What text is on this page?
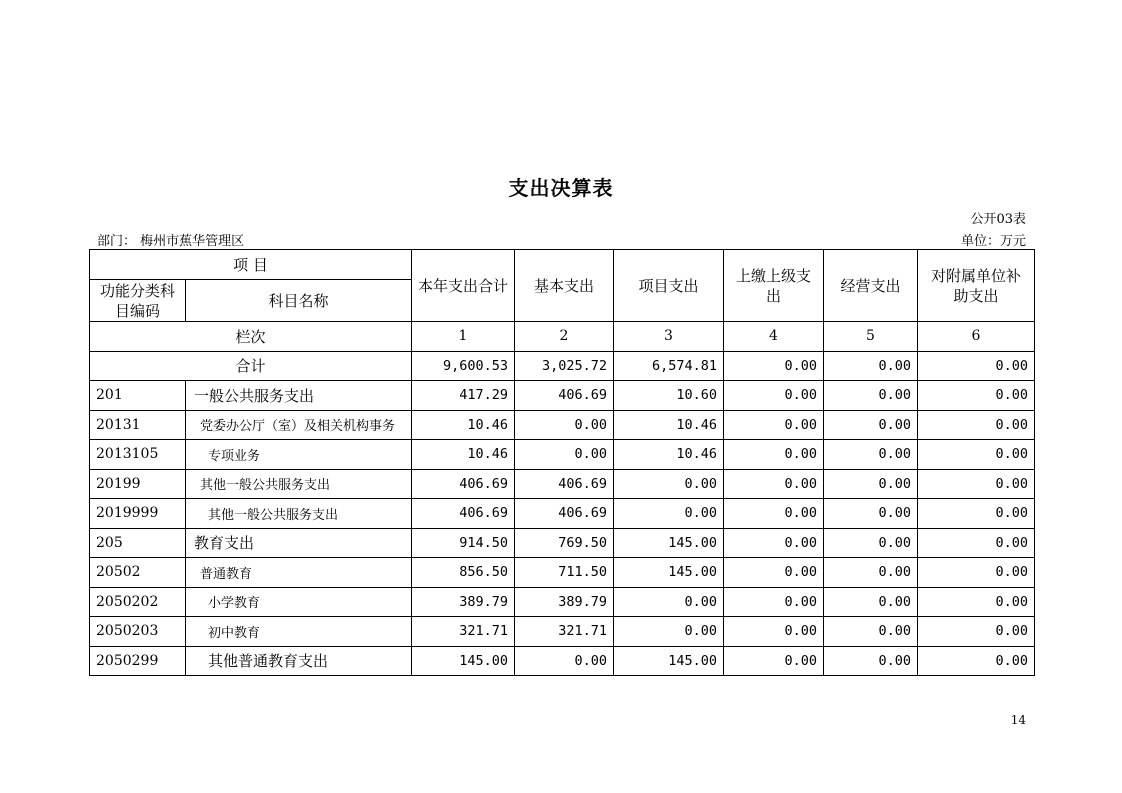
支出决算表
公开03表
部门： 梅州市蕉华管理区	单位：万元
项 目		本年支出合计	基本支出	项目支出	上缴上级支出	经营支出	对附属单位补助支出
功能分类科目编码	科目名称						
栏次		1	2	3	4	5	6
合计		9,600.53	3,025.72	6,574.81	0.00	0.00	0.00
201	一般公共服务支出	417.29	406.69	10.60	0.00	0.00	0.00
20131	党委办公厅（室）及相关机构事务	10.46	0.00	10.46	0.00	0.00	0.00
2013105	专项业务	10.46	0.00	10.46	0.00	0.00	0.00
20199	其他一般公共服务支出	406.69	406.69	0.00	0.00	0.00	0.00
2019999	其他一般公共服务支出	406.69	406.69	0.00	0.00	0.00	0.00
205	教育支出	914.50	769.50	145.00	0.00	0.00	0.00
20502	普通教育	856.50	711.50	145.00	0.00	0.00	0.00
2050202	小学教育	389.79	389.79	0.00	0.00	0.00	0.00
2050203	初中教育	321.71	321.71	0.00	0.00	0.00	0.00
2050299	其他普通教育支出	145.00	0.00	145.00	0.00	0.00	0.00
14
